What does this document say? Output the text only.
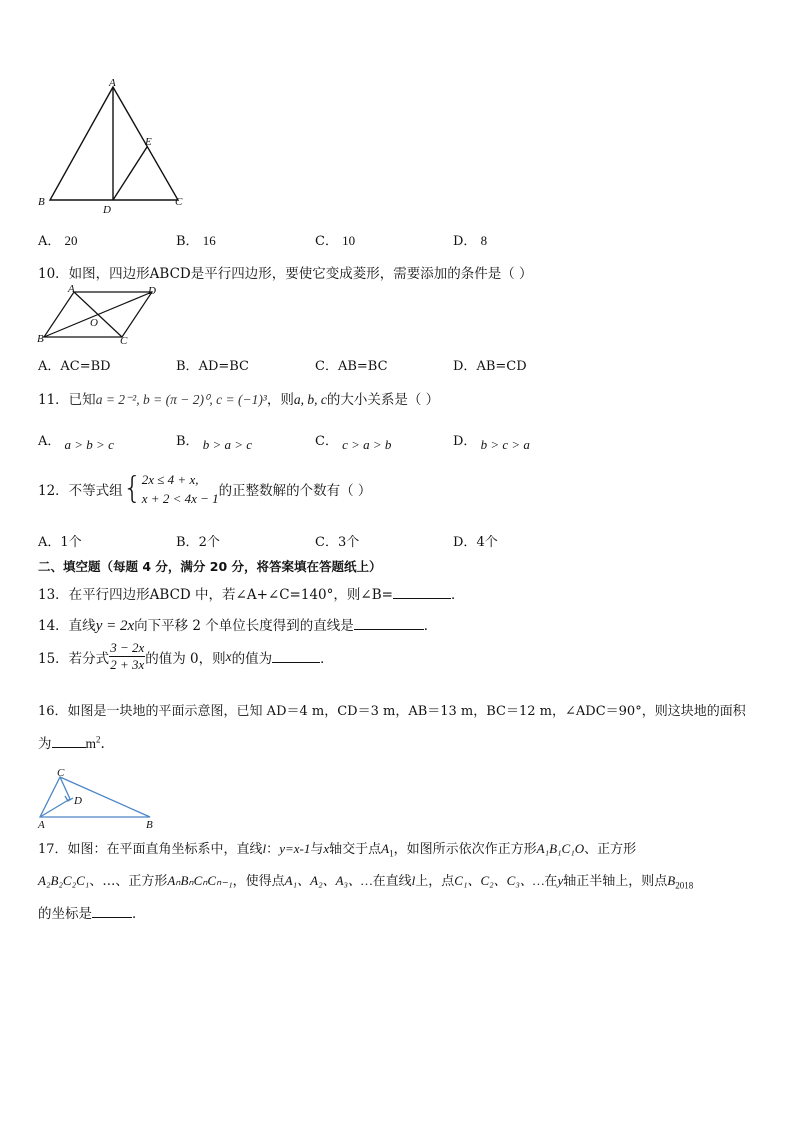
A
E
B
D
C
A． 20	B． 16	C． 10	D． 8
10．如图，四边形ABCD是平行四边形，要使它变成菱形，需要添加的条件是（ ）
A	D
O
B	C
A．AC=BD	B．AD=BC	C．AB=BC	D．AB=CD
11．已知a = 2⁻², b = (π − 2)⁰, c = (−1)³，则a, b, c的大小关系是（ ）
A． a > b > c	B． b > a > c	C． c > a > b	D． b > c > a
12．不等式组 { 2x ≤ 4 + x,
x + 2 < 4x − 1 的正整数解的个数有（ ）
A．1个	B．2个	C．3个	D．4个
二、填空题（每题 4 分，满分 20 分，将答案填在答题纸上）
13．在平行四边形ABCD 中，若∠A+∠C=140°，则∠B=	．
14．直线y = 2x向下平移 2 个单位长度得到的直线是	．
15．若分式 $\frac{3 - 2x}{2 + 3x}$ 的值为 0，则 x 的值为	．
16．如图是一块地的平面示意图，已知 AD＝4 m，CD＝3 m，AB＝13 m，BC＝12 m，∠ADC＝90°，则这块地的面积
为	$m^2$.
C
D
A	B
17．如图：在平面直角坐标系中，直线l：y=x-1与x轴交于点$A_1$，如图所示依次作正方形A₁B₁C₁O、正方形
A₂B₂C₂C₁、…、正方形AₙBₙCₙCₙ₋₁，使得点A₁、A₂、A₃、…在直线l上，点C₁、C₂、C₃、…在y轴正半轴上，则点$B_{2018}$
的坐标是	．
